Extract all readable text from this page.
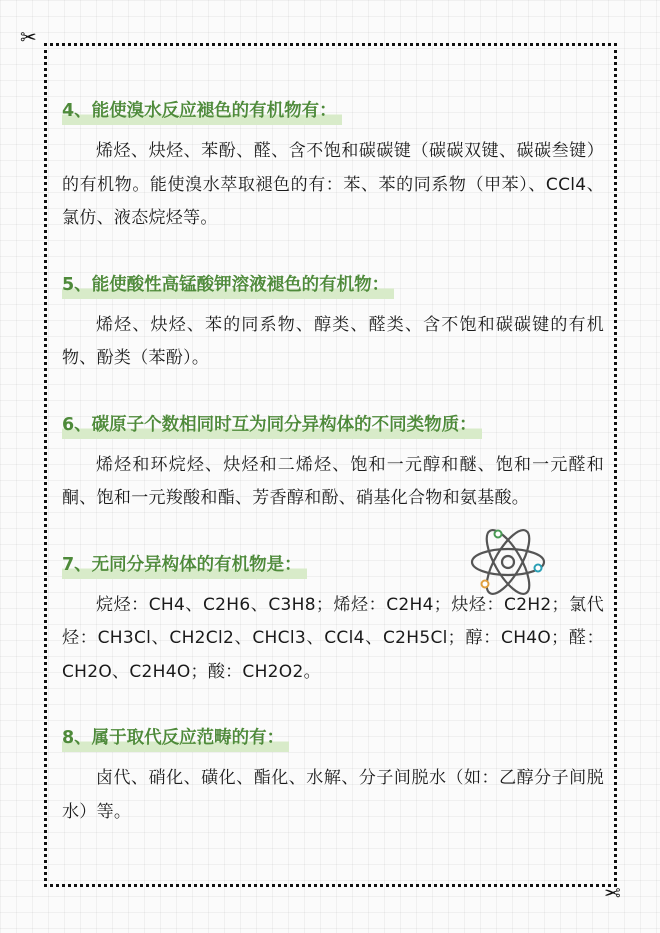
✂
✂
4、能使溴水反应褪色的有机物有：

烯烃、炔烃、苯酚、醛、含不饱和碳碳键（碳碳双键、碳碳叁键）的有机物。能使溴水萃取褪色的有：苯、苯的同系物（甲苯）、CCl4、氯仿、液态烷烃等。

5、能使酸性高锰酸钾溶液褪色的有机物：

烯烃、炔烃、苯的同系物、醇类、醛类、含不饱和碳碳键的有机物、酚类（苯酚）。

6、碳原子个数相同时互为同分异构体的不同类物质：

烯烃和环烷烃、炔烃和二烯烃、饱和一元醇和醚、饱和一元醛和酮、饱和一元羧酸和酯、芳香醇和酚、硝基化合物和氨基酸。

7、无同分异构体的有机物是：

烷烃：CH4、C2H6、C3H8；烯烃：C2H4；炔烃：C2H2；氯代烃：CH3Cl、CH2Cl2、CHCl3、CCl4、C2H5Cl；醇：CH4O；醛：CH2O、C2H4O；酸：CH2O2。

8、属于取代反应范畴的有：

卤代、硝化、磺化、酯化、水解、分子间脱水（如：乙醇分子间脱水）等。
